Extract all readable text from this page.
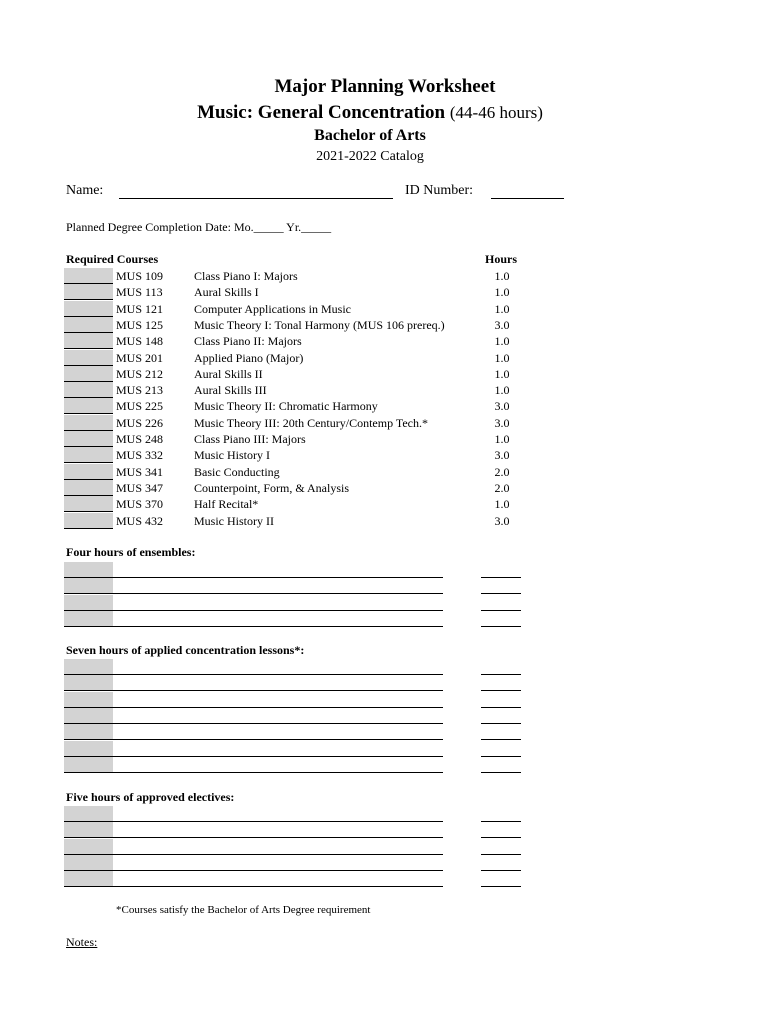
Major Planning Worksheet
Music: General Concentration (44-46 hours)
Bachelor of Arts
2021-2022 Catalog
Name:	ID Number:
Planned Degree Completion Date: Mo._____ Yr._____
Required Courses	Hours
MUS 109	Class Piano I: Majors	1.0
MUS 113	Aural Skills I	1.0
MUS 121	Computer Applications in Music	1.0
MUS 125	Music Theory I: Tonal Harmony (MUS 106 prereq.)	3.0
MUS 148	Class Piano II: Majors	1.0
MUS 201	Applied Piano (Major)	1.0
MUS 212	Aural Skills II	1.0
MUS 213	Aural Skills III	1.0
MUS 225	Music Theory II: Chromatic Harmony	3.0
MUS 226	Music Theory III: 20th Century/Contemp Tech.*	3.0
MUS 248	Class Piano III: Majors	1.0
MUS 332	Music History I	3.0
MUS 341	Basic Conducting	2.0
MUS 347	Counterpoint, Form, & Analysis	2.0
MUS 370	Half Recital*	1.0
MUS 432	Music History II	3.0
Four hours of ensembles:
Seven hours of applied concentration lessons*:
Five hours of approved electives:
*Courses satisfy the Bachelor of Arts Degree requirement
Notes:
